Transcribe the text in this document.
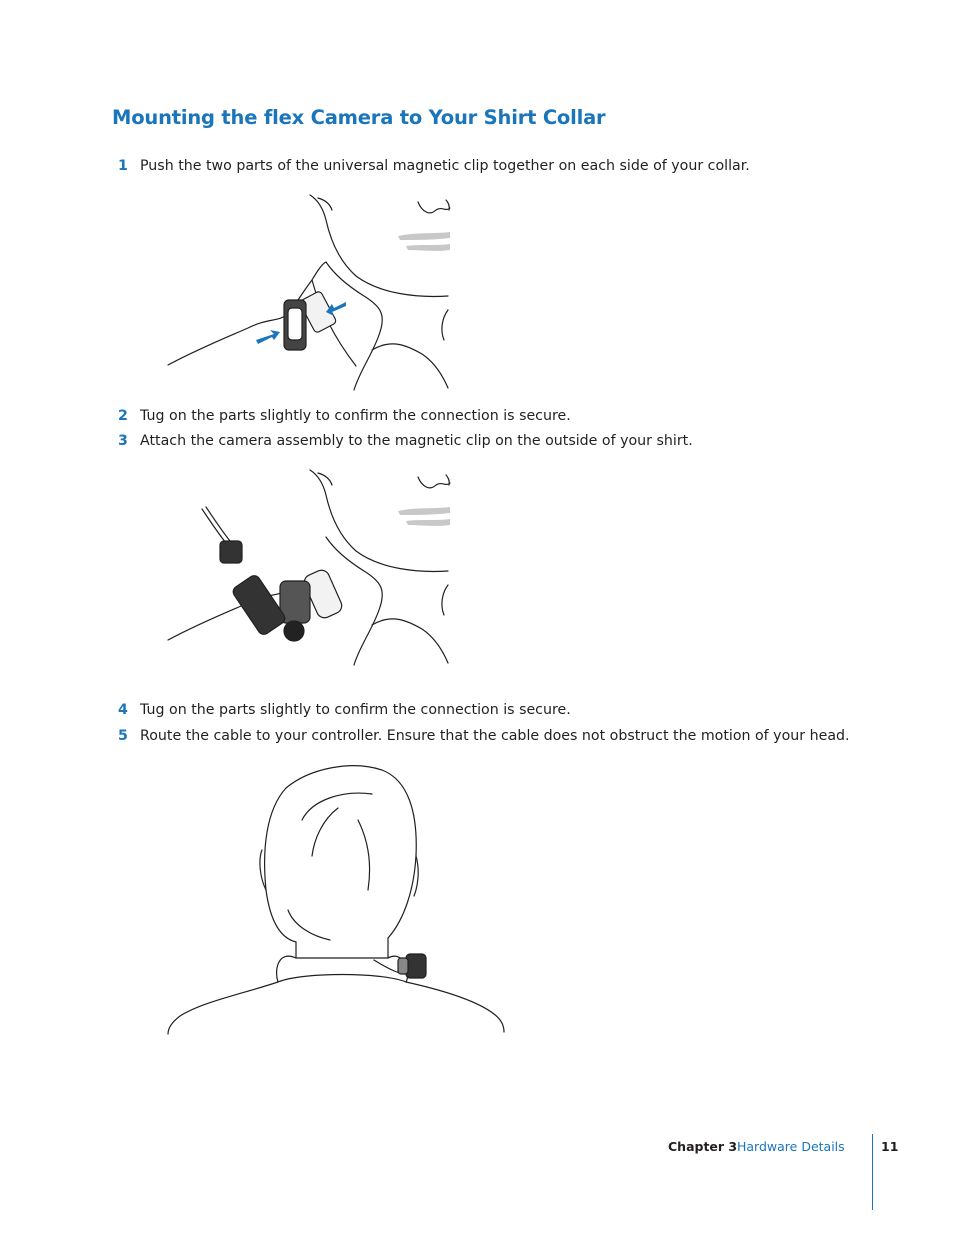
Mounting the flex Camera to Your Shirt Collar
1 Push the two parts of the universal magnetic clip together on each side of your collar.
2 Tug on the parts slightly to confirm the connection is secure.
3 Attach the camera assembly to the magnetic clip on the outside of your shirt.
4 Tug on the parts slightly to confirm the connection is secure.
5 Route the cable to your controller. Ensure that the cable does not obstruct the motion of your head.
Chapter 3 Hardware Details	11
